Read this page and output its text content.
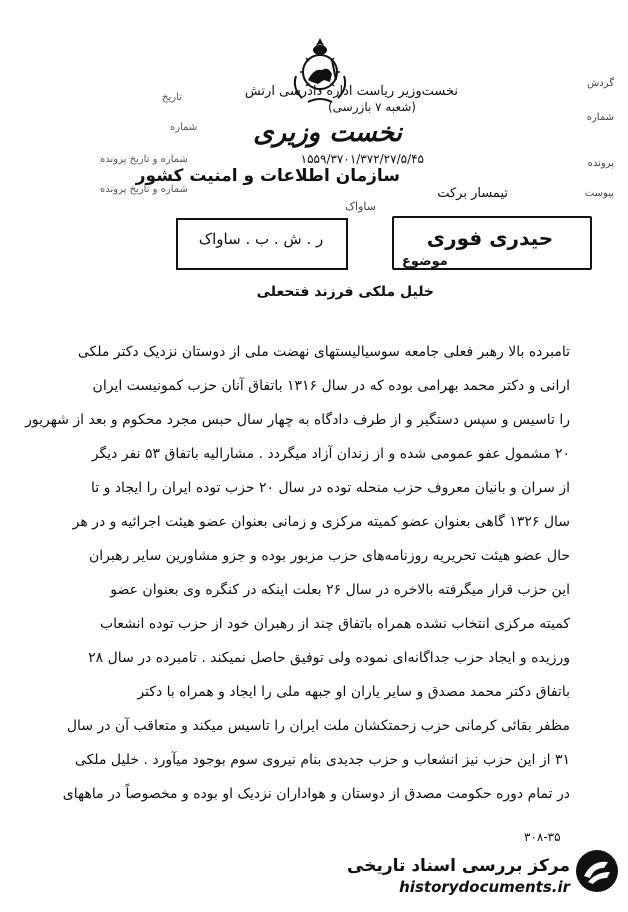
نخست‌وزیر ریاست اداره دادرسی ارتش
(شعبه ۷ بازرسی)
گردش
شماره
پرونده
پیوست
تاریخ
شماره
شماره و تاریخ پرونده
شماره و تاریخ پرونده
نخست وزیری
۱۵۵۹/۳۷۰۱/۳۷۲/۲۷/۵/۴۵
سازمان اطلاعات و امنیت کشور
ساواک
تیمسار برکت
حیدری فوری
موضوع
ر . ش . ب . ساواک
خلیل ملکی فرزند فتحعلی
تامبرده بالا رهبر فعلی جامعه سوسیالیستهای نهضت ملی از دوستان نزدیک دکتر ملکی
ارانی و دکتر محمد بهرامی بوده که در سال ۱۳۱۶ باتفاق آنان حزب کمونیست ایران
را تاسیس و سپس دستگیر و از طرف دادگاه به چهار سال حبس مجرد محکوم و بعد از شهریور
۲۰ مشمول عفو عمومی شده و از زندان آزاد میگردد . مشارالیه باتفاق ۵۳ نفر دیگر
از سران و بانیان معروف حزب منحله توده در سال ۲۰ حزب توده ایران را ایجاد و تا
سال ۱۳۲۶ گاهی بعنوان عضو کمیته مرکزی و زمانی بعنوان عضو هیئت اجرائیه و در هر
حال عضو هیئت تحریریه روزنامه‌های حزب مزبور بوده و جزو مشاورین سایر رهبران
این حزب قرار میگرفته بالاخره در سال ۲۶ بعلت اینکه در کنگره وی بعنوان عضو
کمیته مرکزی انتخاب نشده همراه باتفاق چند از رهبران خود از حزب توده انشعاب
ورزیده و ایجاد حزب جداگانه‌ای نموده ولی توفیق حاصل نمیکند . تامبرده در سال ۲۸
باتفاق دکتر محمد مصدق و سایر یاران او جبهه ملی را ایجاد و همراه با دکتر
مظفر بقائی کرمانی حزب زحمتکشان ملت ایران را تاسیس میکند و متعاقب آن در سال
۳۱ از این حزب نیز انشعاب و حزب جدیدی بنام نیروی سوم بوجود میآورد . خلیل ملکی
در تمام دوره حکومت مصدق از دوستان و هواداران نزدیک او بوده و مخصوصاً در ماههای
۳۰۸-۳۵
مرکز بررسی اسناد تاریخی
historydocuments.ir
